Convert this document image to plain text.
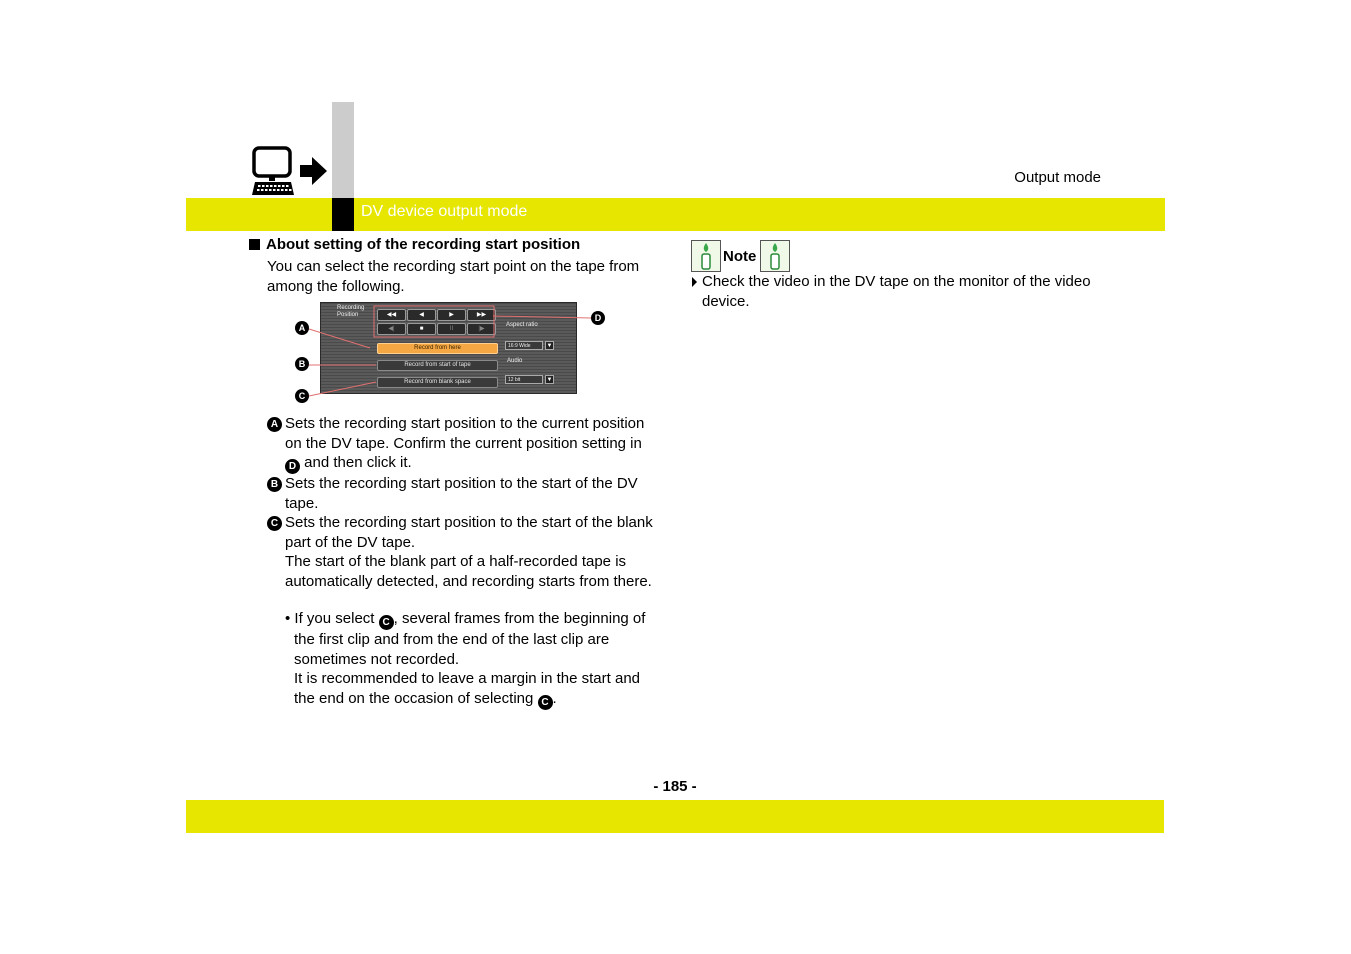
Output mode
DV device output mode
About setting of the recording start position
You can select the recording start point on the tape from among the following.
Recording
Position	◀◀	◀	▶	▶▶
◀|	■	II	|▶
Record from here
Record from start of tape
Record from blank space
Aspect ratio
16:9 Wide	▼
Audio
12 bit	▼
A
B
C
D
A Sets the recording start position to the current position on the DV tape. Confirm the current position setting in D and then click it.
B Sets the recording start position to the start of the DV tape.
C Sets the recording start position to the start of the blank part of the DV tape.
The start of the blank part of a half-recorded tape is automatically detected, and recording starts from there.
• If you select C , several frames from the beginning of the first clip and from the end of the last clip are sometimes not recorded.
It is recommended to leave a margin in the start and the end on the occasion of selecting C .
Note
Check the video in the DV tape on the monitor of the video device.
- 185 -
